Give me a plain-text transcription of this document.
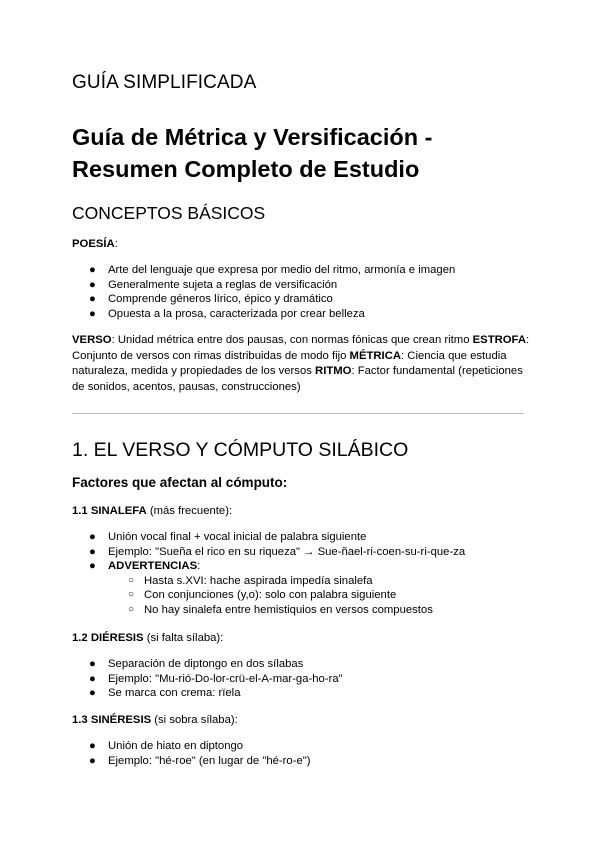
GUÍA SIMPLIFICADA
Guía de Métrica y Versificación - Resumen Completo de Estudio
CONCEPTOS BÁSICOS

POESÍA:

● Arte del lenguaje que expresa por medio del ritmo, armonía e imagen
● Generalmente sujeta a reglas de versificación
● Comprende géneros lírico, épico y dramático
● Opuesta a la prosa, caracterizada por crear belleza

VERSO: Unidad métrica entre dos pausas, con normas fónicas que crean ritmo ESTROFA: Conjunto de versos con rimas distribuidas de modo fijo MÉTRICA: Ciencia que estudia naturaleza, medida y propiedades de los versos RITMO: Factor fundamental (repeticiones de sonidos, acentos, pausas, construcciones)

1. EL VERSO Y CÓMPUTO SILÁBICO
Factores que afectan al cómputo:

1.1 SINALEFA (más frecuente):

● Unión vocal final + vocal inicial de palabra siguiente
● Ejemplo: "Sueña el rico en su riqueza" → Sue-ñael-ri-coen-su-ri-que-za
● ADVERTENCIAS:
○ Hasta s.XVI: hache aspirada impedía sinalefa
○ Con conjunciones (y,o): solo con palabra siguiente
○ No hay sinalefa entre hemistiquios en versos compuestos

1.2 DIÉRESIS (si falta sílaba):

● Separación de diptongo en dos sílabas
● Ejemplo: "Mu-rió-Do-lor-crü-el-A-mar-ga-ho-ra"
● Se marca con crema: rïela

1.3 SINÉRESIS (si sobra sílaba):

● Unión de hiato en diptongo
● Ejemplo: "hé-roe" (en lugar de "hé-ro-e")
